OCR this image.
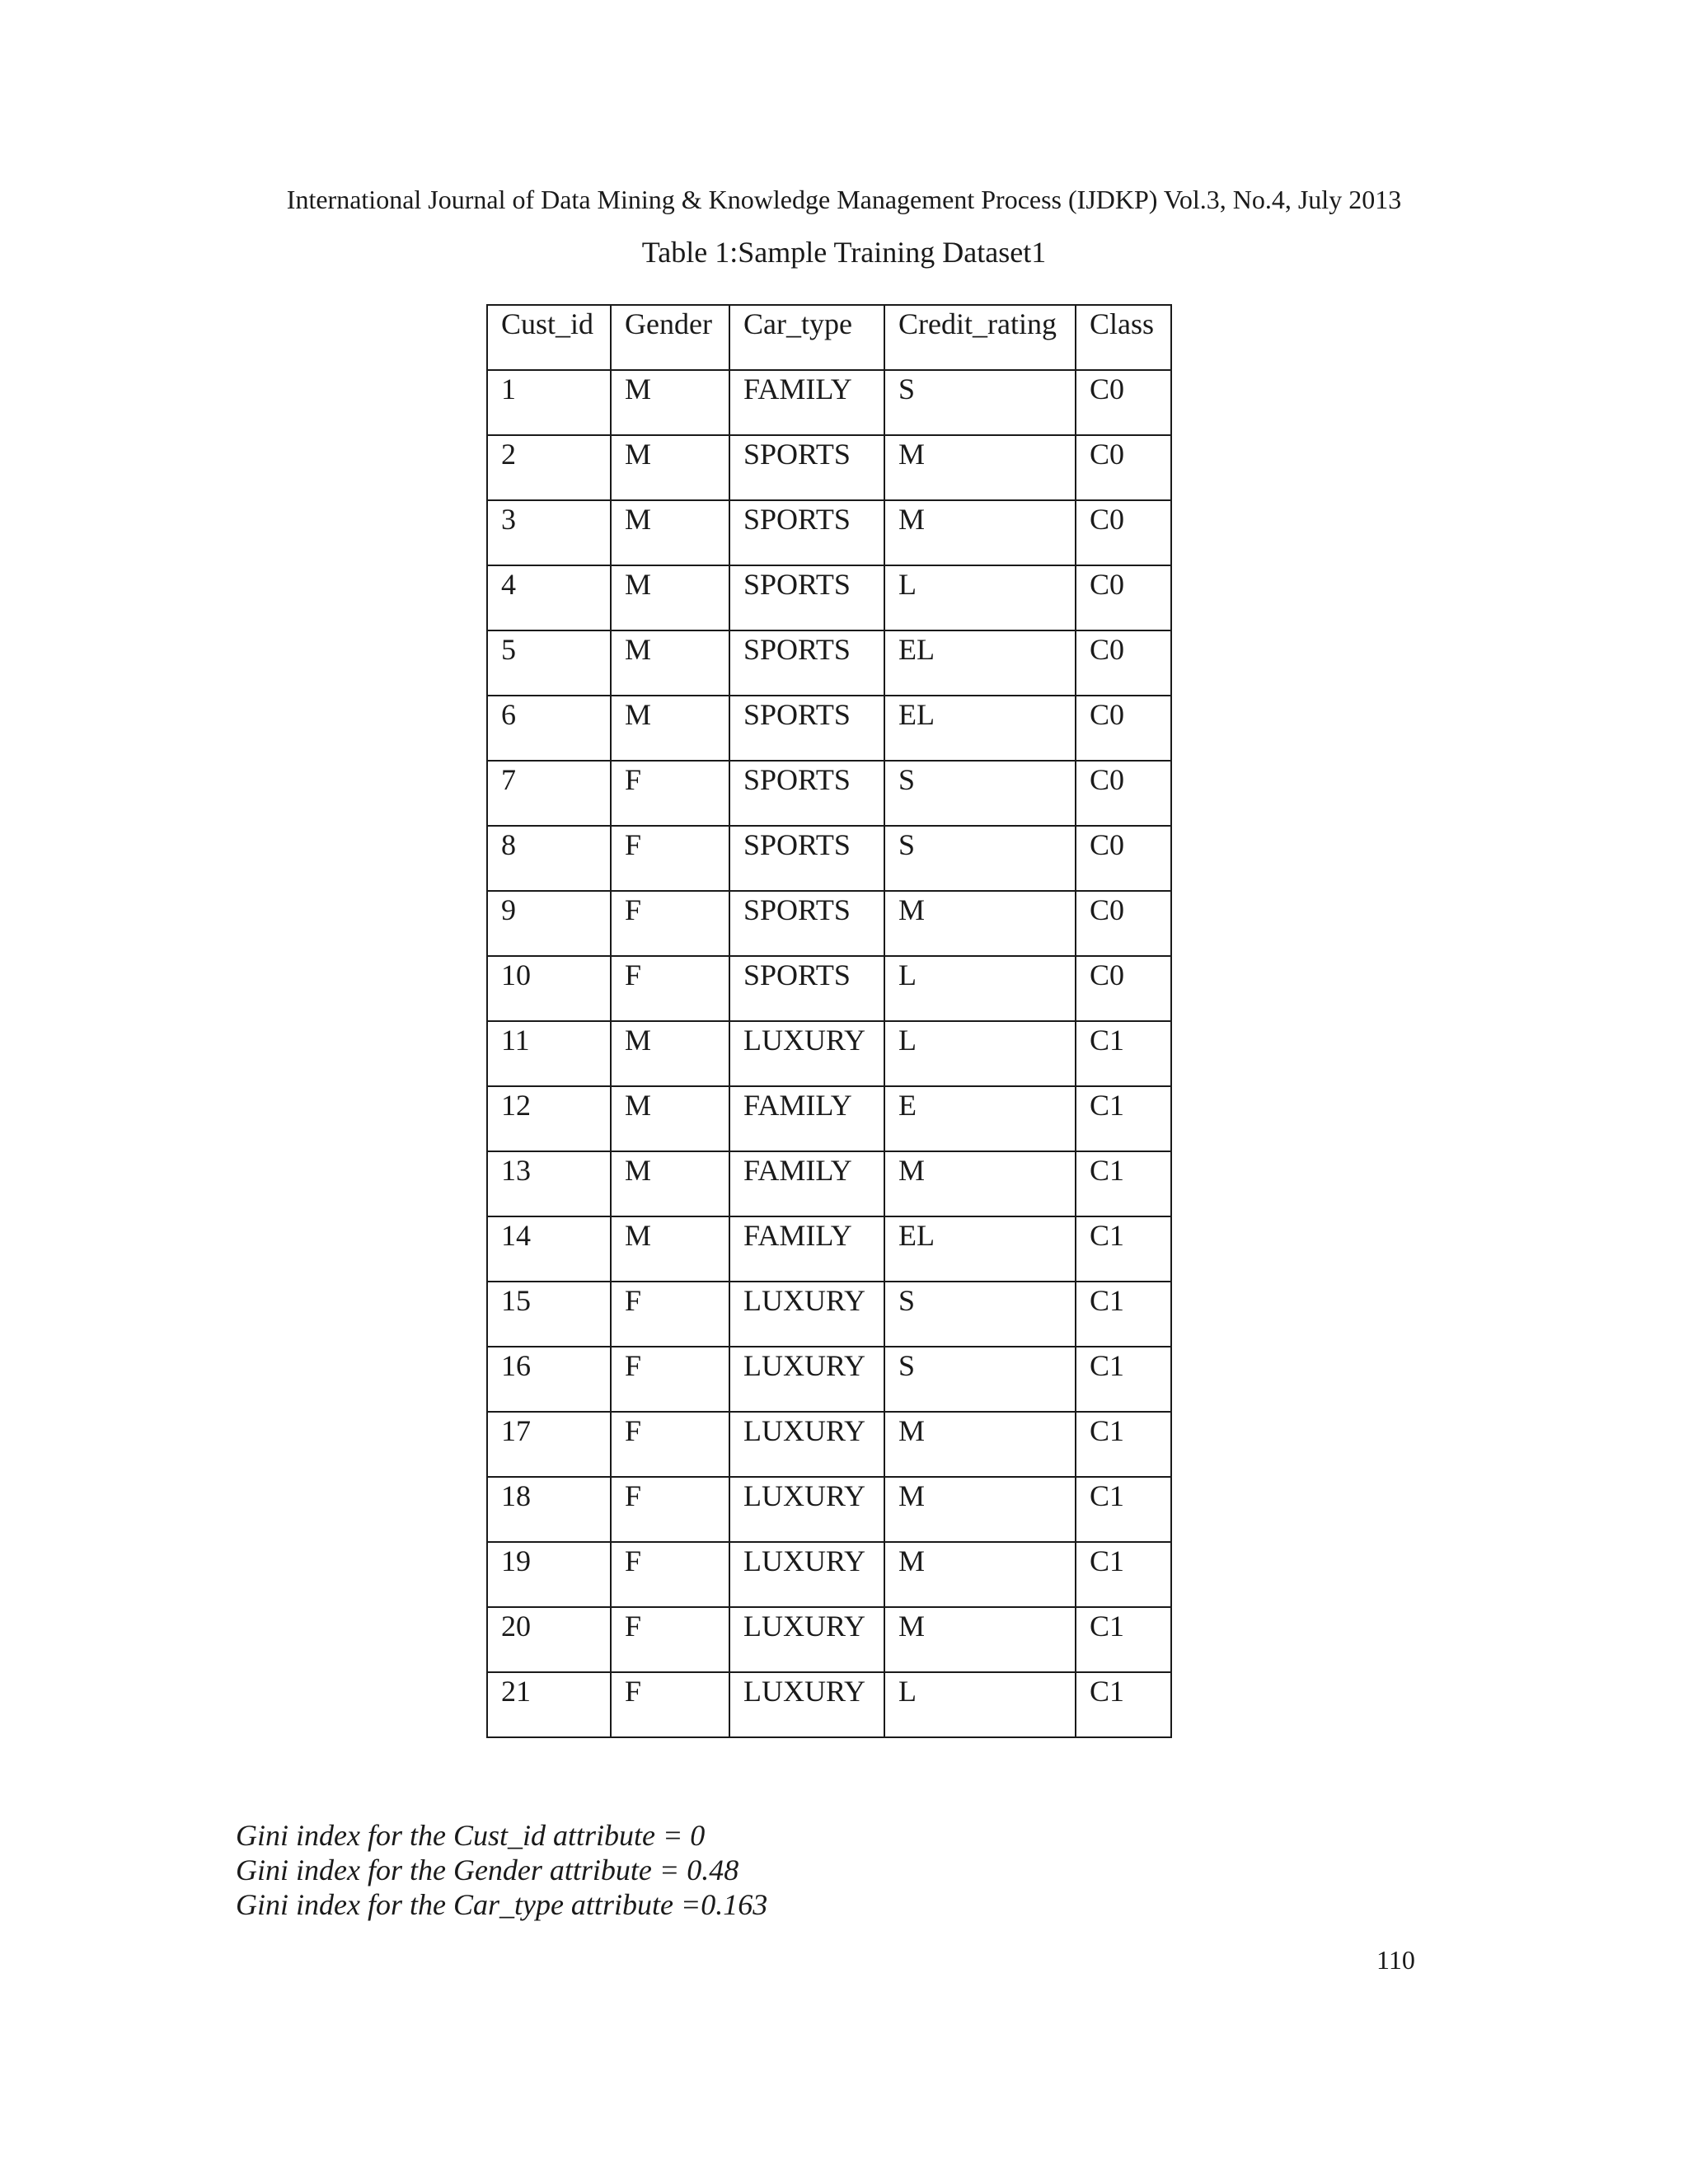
International Journal of Data Mining & Knowledge Management Process (IJDKP) Vol.3, No.4, July 2013
Table 1:Sample Training Dataset1
Cust_id	Gender	Car_type	Credit_rating	Class
1	M	FAMILY	S	C0
2	M	SPORTS	M	C0
3	M	SPORTS	M	C0
4	M	SPORTS	L	C0
5	M	SPORTS	EL	C0
6	M	SPORTS	EL	C0
7	F	SPORTS	S	C0
8	F	SPORTS	S	C0
9	F	SPORTS	M	C0
10	F	SPORTS	L	C0
11	M	LUXURY	L	C1
12	M	FAMILY	E	C1
13	M	FAMILY	M	C1
14	M	FAMILY	EL	C1
15	F	LUXURY	S	C1
16	F	LUXURY	S	C1
17	F	LUXURY	M	C1
18	F	LUXURY	M	C1
19	F	LUXURY	M	C1
20	F	LUXURY	M	C1
21	F	LUXURY	L	C1
Gini index for the Cust_id attribute = 0
Gini index for the Gender attribute = 0.48
Gini index for the Car_type attribute =0.163
110
